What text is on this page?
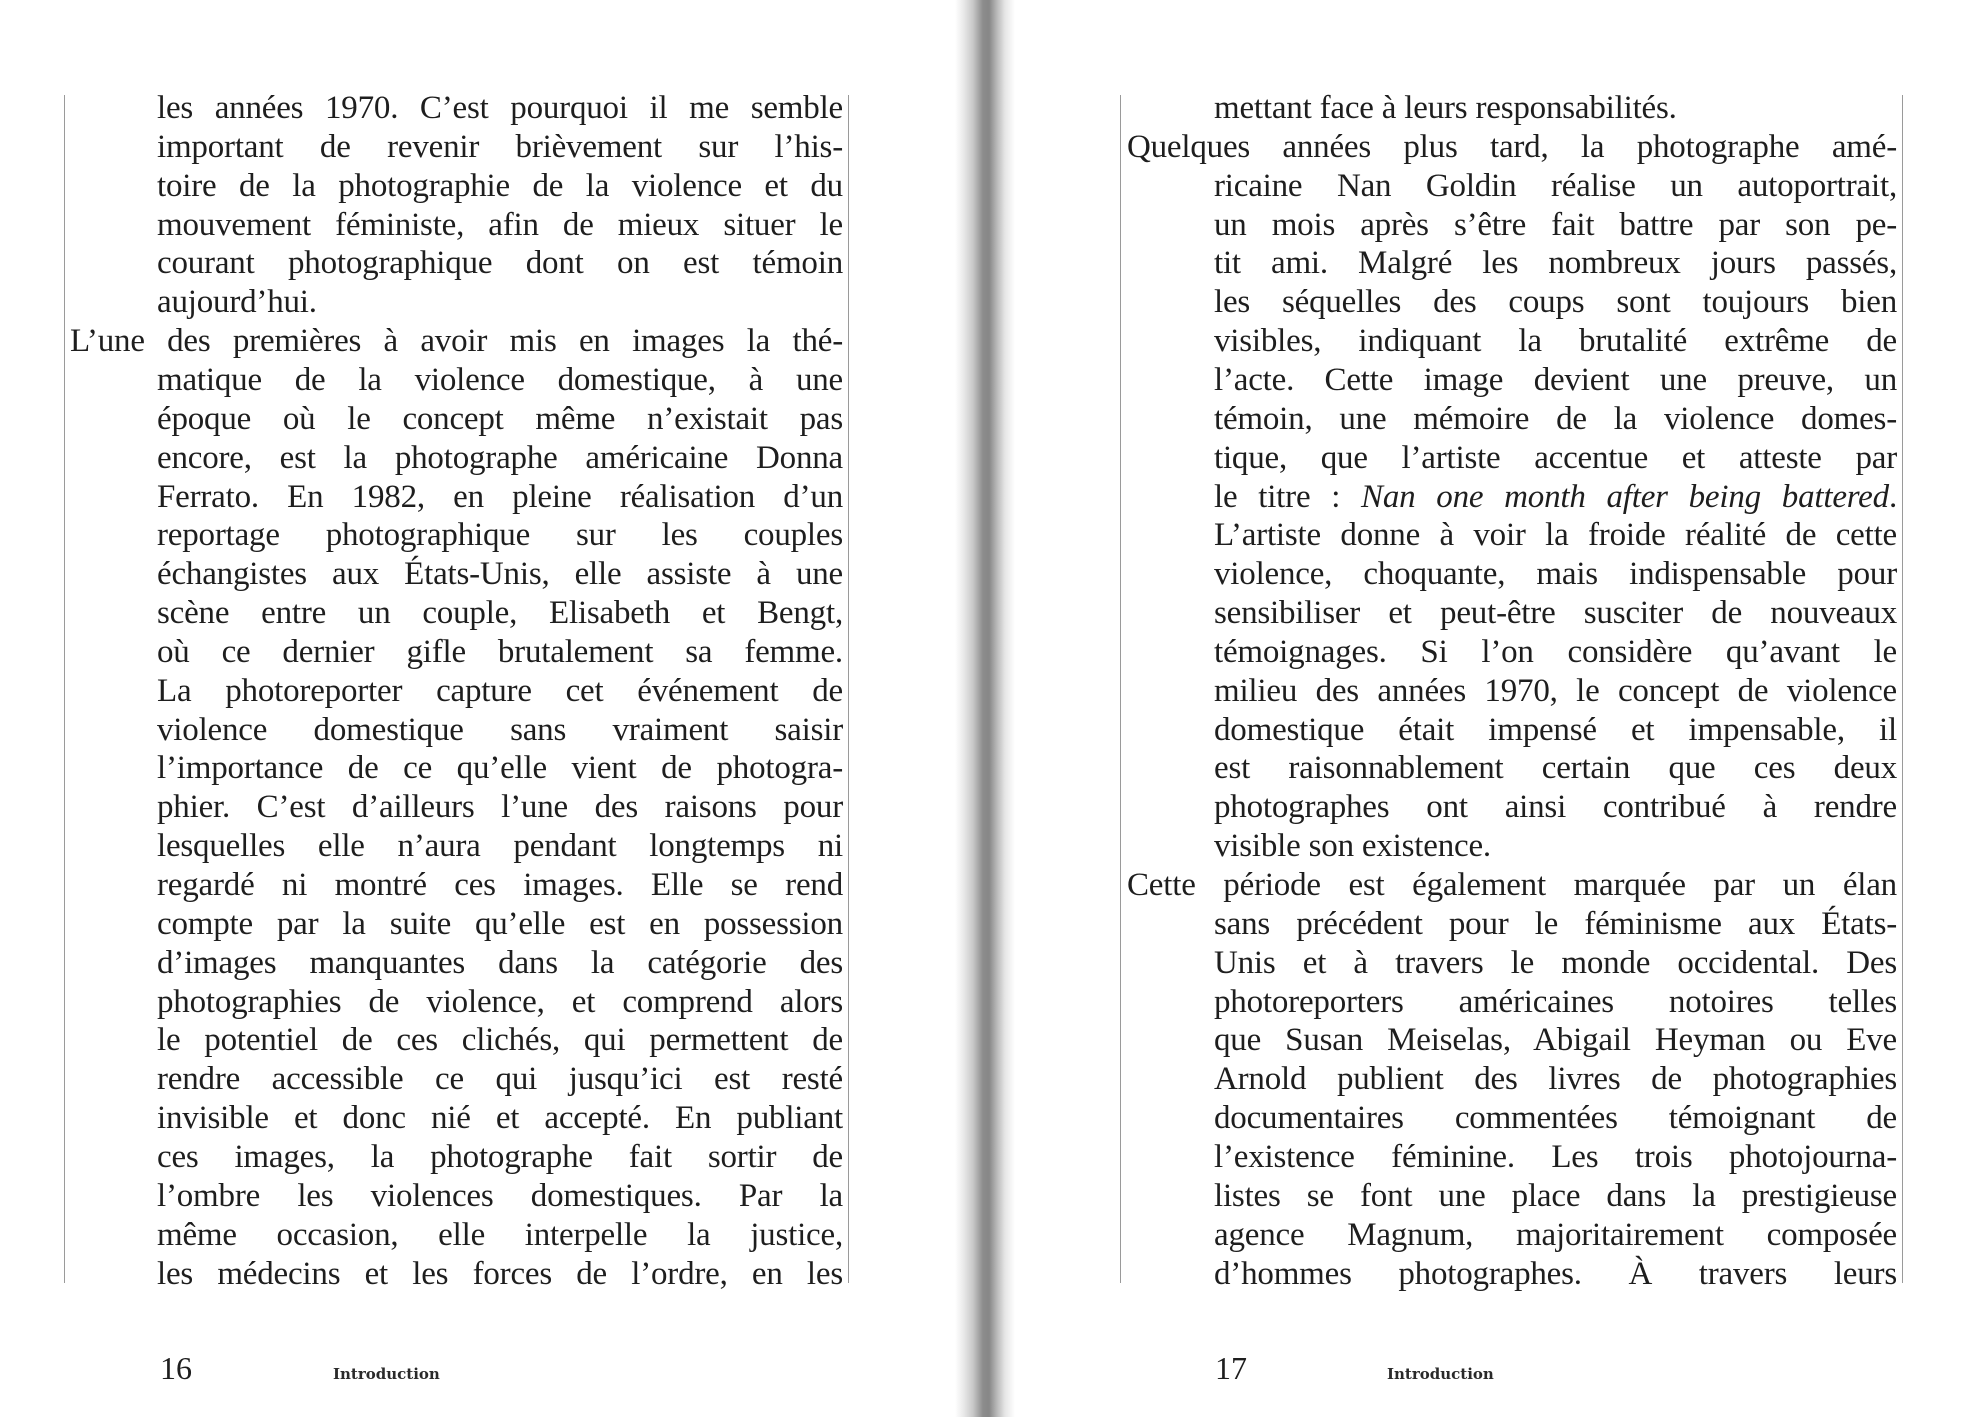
les années 1970. C’est pourquoi il me semble
important de revenir brièvement sur l’his-
toire de la photographie de la violence et du
mouvement féministe, afin de mieux situer le
courant photographique dont on est témoin
aujourd’hui.
L’une des premières à avoir mis en images la thé-
matique de la violence domestique, à une
époque où le concept même n’existait pas
encore, est la photographe américaine Donna
Ferrato. En 1982, en pleine réalisation d’un
reportage photographique sur les couples
échangistes aux États-Unis, elle assiste à une
scène entre un couple, Elisabeth et Bengt,
où ce dernier gifle brutalement sa femme.
La photoreporter capture cet événement de
violence domestique sans vraiment saisir
l’importance de ce qu’elle vient de photogra-
phier. C’est d’ailleurs l’une des raisons pour
lesquelles elle n’aura pendant longtemps ni
regardé ni montré ces images. Elle se rend
compte par la suite qu’elle est en possession
d’images manquantes dans la catégorie des
photographies de violence, et comprend alors
le potentiel de ces clichés, qui permettent de
rendre accessible ce qui jusqu’ici est resté
invisible et donc nié et accepté. En publiant
ces images, la photographe fait sortir de
l’ombre les violences domestiques. Par la
même occasion, elle interpelle la justice,
les médecins et les forces de l’ordre, en les
16	Introduction
mettant face à leurs responsabilités.
Quelques années plus tard, la photographe amé-
ricaine Nan Goldin réalise un autoportrait,
un mois après s’être fait battre par son pe-
tit ami. Malgré les nombreux jours passés,
les séquelles des coups sont toujours bien
visibles, indiquant la brutalité extrême de
l’acte. Cette image devient une preuve, un
témoin, une mémoire de la violence domes-
tique, que l’artiste accentue et atteste par
le titre : Nan one month after being battered.
L’artiste donne à voir la froide réalité de cette
violence, choquante, mais indispensable pour
sensibiliser et peut-être susciter de nouveaux
témoignages. Si l’on considère qu’avant le
milieu des années 1970, le concept de violence
domestique était impensé et impensable, il
est raisonnablement certain que ces deux
photographes ont ainsi contribué à rendre
visible son existence.
Cette période est également marquée par un élan
sans précédent pour le féminisme aux États-
Unis et à travers le monde occidental. Des
photoreporters américaines notoires telles
que Susan Meiselas, Abigail Heyman ou Eve
Arnold publient des livres de photographies
documentaires commentées témoignant de
l’existence féminine. Les trois photojourna-
listes se font une place dans la prestigieuse
agence Magnum, majoritairement composée
d’hommes photographes. À travers leurs
17	Introduction
